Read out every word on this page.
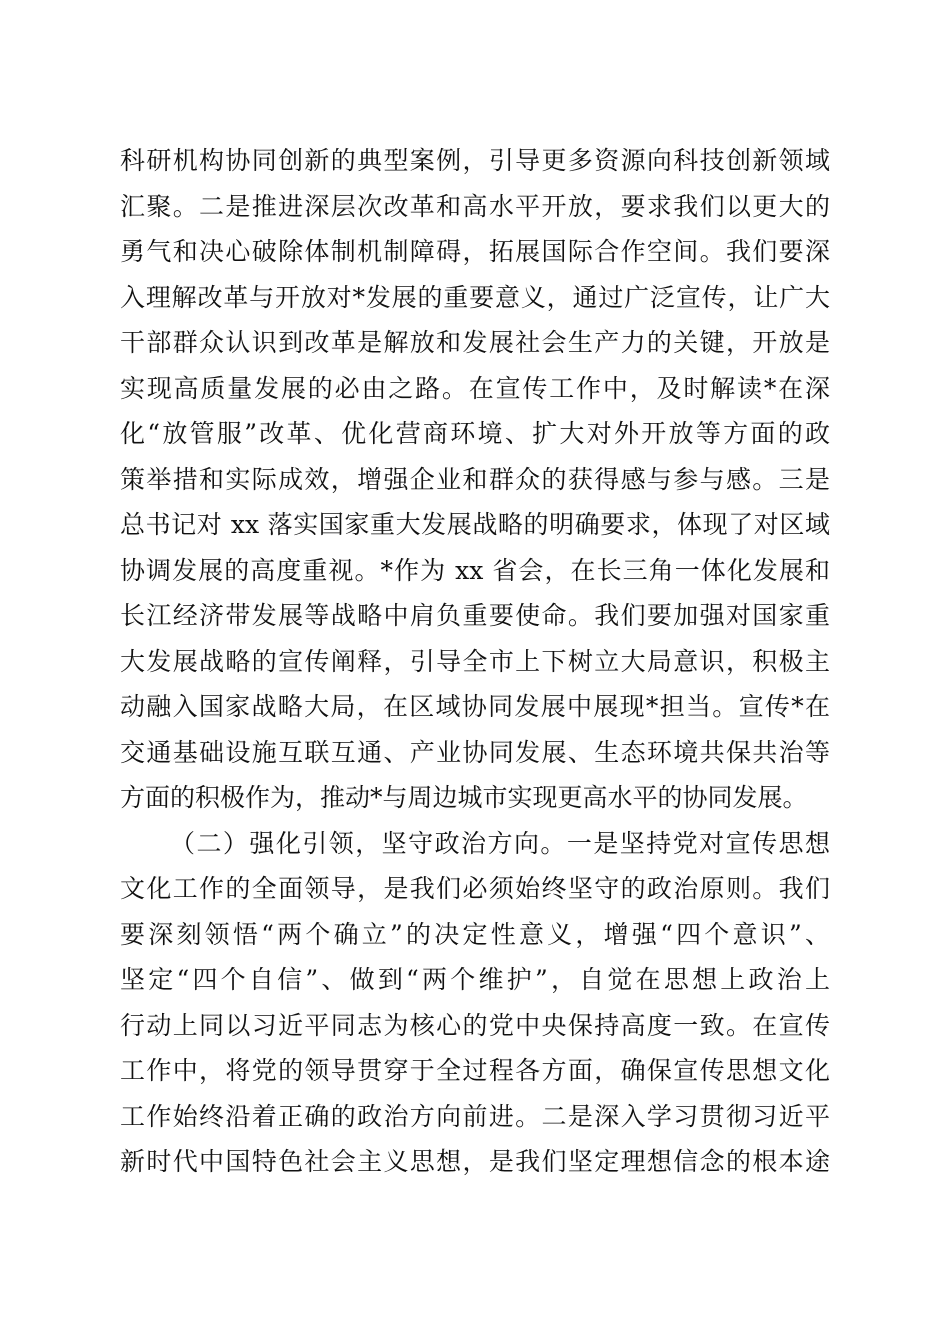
科研机构协同创新的典型案例，引导更多资源向科技创新领域
汇聚。二是推进深层次改革和高水平开放，要求我们以更大的
勇气和决心破除体制机制障碍，拓展国际合作空间。我们要深
入理解改革与开放对*发展的重要意义，通过广泛宣传，让广大
干部群众认识到改革是解放和发展社会生产力的关键，开放是
实现高质量发展的必由之路。在宣传工作中，及时解读*在深
化“放管服”改革、优化营商环境、扩大对外开放等方面的政
策举措和实际成效，增强企业和群众的获得感与参与感。三是
总书记对 xx 落实国家重大发展战略的明确要求，体现了对区域
协调发展的高度重视。*作为 xx 省会，在长三角一体化发展和
长江经济带发展等战略中肩负重要使命。我们要加强对国家重
大发展战略的宣传阐释，引导全市上下树立大局意识，积极主
动融入国家战略大局，在区域协同发展中展现*担当。宣传*在
交通基础设施互联互通、产业协同发展、生态环境共保共治等
方面的积极作为，推动*与周边城市实现更高水平的协同发展。
（二）强化引领，坚守政治方向。一是坚持党对宣传思想
文化工作的全面领导，是我们必须始终坚守的政治原则。我们
要深刻领悟“两个确立”的决定性意义，增强“四个意识”、
坚定“四个自信”、做到“两个维护”，自觉在思想上政治上
行动上同以习近平同志为核心的党中央保持高度一致。在宣传
工作中，将党的领导贯穿于全过程各方面，确保宣传思想文化
工作始终沿着正确的政治方向前进。二是深入学习贯彻习近平
新时代中国特色社会主义思想，是我们坚定理想信念的根本途
